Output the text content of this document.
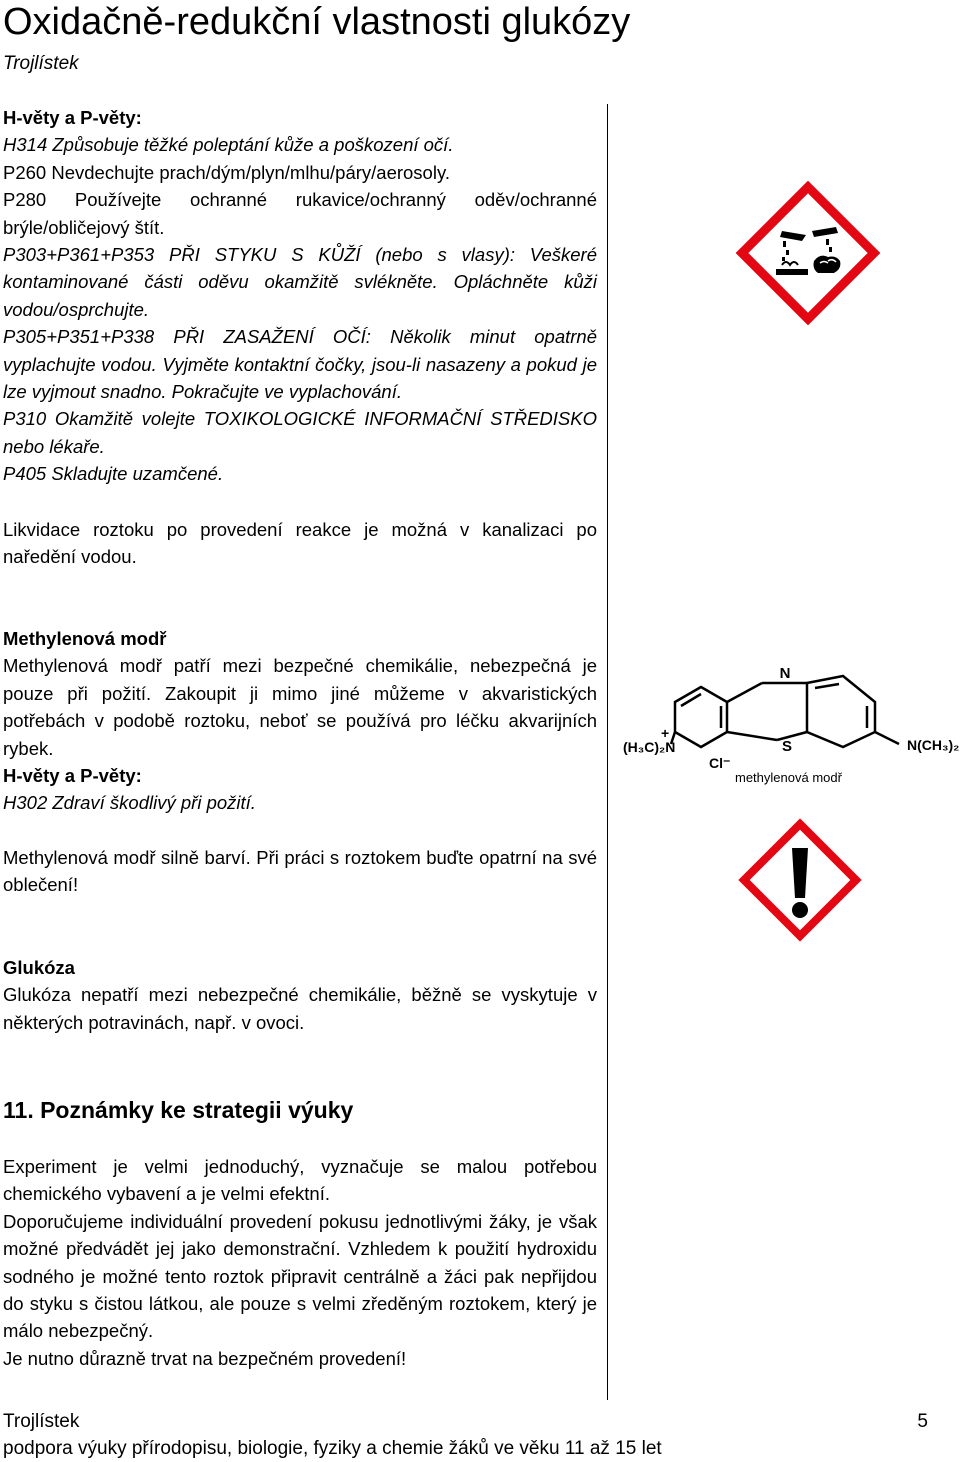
Oxidačně-redukční vlastnosti glukózy
Trojlístek

H-věty a P-věty:

H314 Způsobuje těžké poleptání kůže a poškození očí.

P260 Nevdechujte prach/dým/plyn/mlhu/páry/aerosoly.

P280 Používejte ochranné rukavice/ochranný oděv/ochranné brýle/obličejový štít.

P303+P361+P353 PŘI STYKU S KŮŽÍ (nebo s vlasy): Veškeré kontaminované části oděvu okamžitě svlékněte. Opláchněte kůži vodou/osprchujte.

P305+P351+P338 PŘI ZASAŽENÍ OČÍ: Několik minut opatrně vyplachujte vodou. Vyjměte kontaktní čočky, jsou-li nasazeny a pokud je lze vyjmout snadno. Pokračujte ve vyplachování.

P310 Okamžitě volejte TOXIKOLOGICKÉ INFORMAČNÍ STŘEDISKO nebo lékaře.

P405 Skladujte uzamčené.

Likvidace roztoku po provedení reakce je možná v kanalizaci po naředění vodou.

Methylenová modř

Methylenová modř patří mezi bezpečné chemikálie, nebezpečná je pouze při požití. Zakoupit ji mimo jiné můžeme v akvaristických potřebách v podobě roztoku, neboť se používá pro léčku akvarijních rybek.

H-věty a P-věty:

H302 Zdraví škodlivý při požití.

Methylenová modř silně barví. Při práci s roztokem buďte opatrní na své oblečení!

Glukóza

Glukóza nepatří mezi nebezpečné chemikálie, běžně se vyskytuje v některých potravinách, např. v ovoci.

11. Poznámky ke strategii výuky

Experiment je velmi jednoduchý, vyznačuje se malou potřebou chemického vybavení a je velmi efektní.

Doporučujeme individuální provedení pokusu jednotlivými žáky, je však možné předvádět jej jako demonstrační. Vzhledem k použití hydroxidu sodného je možné tento roztok připravit centrálně a žáci pak nepřijdou do styku s čistou látkou, ale pouze s velmi zředěným roztokem, který je málo nebezpečný.

Je nutno důrazně trvat na bezpečném provedení!

N
S
+
(H₃C)₂N	N(CH₃)₂
Cl⁻
methylenová modř
Trojlístek	5
podpora výuky přírodopisu, biologie, fyziky a chemie žáků ve věku 11 až 15 let
